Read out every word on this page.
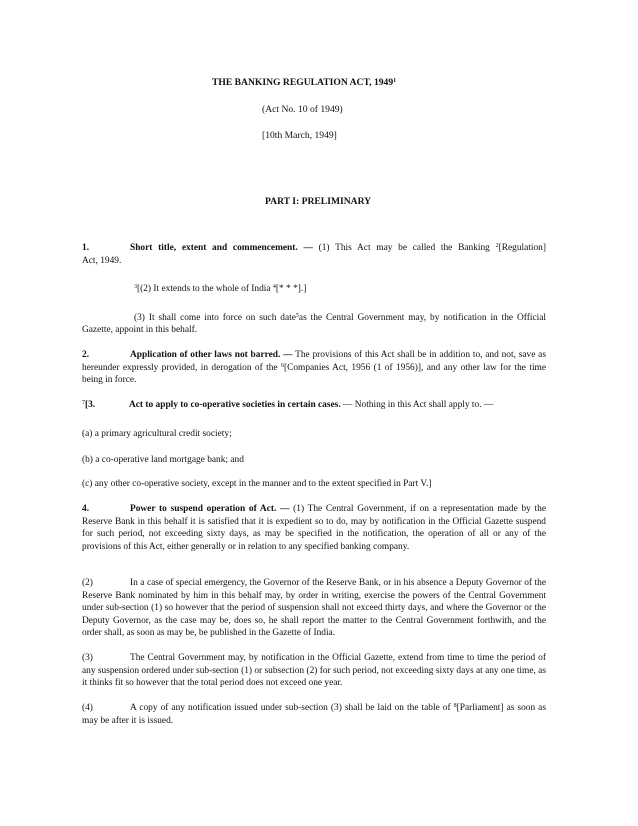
THE BANKING REGULATION ACT, 1949$^1$
(Act No. 10 of 1949)
[10th March, 1949]
PART I: PRELIMINARY
1.	Short title, extent and commencement. — (1) This Act may be called the Banking $^2$[Regulation]
Act, 1949.
$^3$[(2) It extends to the whole of India $^4$[* * *].]
(3) It shall come into force on such date$^5$as the Central Government may, by notification in the Official
Gazette, appoint in this behalf.
2.	Application of other laws not barred. — The provisions of this Act shall be in addition to, and not, save as hereunder expressly provided, in derogation of the $^6$[Companies Act, 1956 (1 of 1956)], and any other law for the time being in force.
$^7$[3.	Act to apply to co-operative societies in certain cases. — Nothing in this Act shall apply to. —
(a) a primary agricultural credit society;
(b) a co-operative land mortgage bank; and
(c) any other co-operative society, except in the manner and to the extent specified in Part V.]
4.	Power to suspend operation of Act. — (1) The Central Government, if on a representation made by the Reserve Bank in this behalf it is satisfied that it is expedient so to do, may by notification in the Official Gazette suspend for such period, not exceeding sixty days, as may be specified in the notification, the operation of all or any of the provisions of this Act, either generally or in relation to any specified banking company.
(2)	In a case of special emergency, the Governor of the Reserve Bank, or in his absence a Deputy Governor of the Reserve Bank nominated by him in this behalf may, by order in writing, exercise the powers of the Central Government under sub-section (1) so however that the period of suspension shall not exceed thirty days, and where the Governor or the Deputy Governor, as the case may be, does so, he shall report the matter to the Central Government forthwith, and the order shall, as soon as may be, be published in the Gazette of India.
(3)	The Central Government may, by notification in the Official Gazette, extend from time to time the period of any suspension ordered under sub-section (1) or subsection (2) for such period, not exceeding sixty days at any one time, as it thinks fit so however that the total period does not exceed one year.
(4)	A copy of any notification issued under sub-section (3) shall be laid on the table of $^8$[Parliament] as soon as may be after it is issued.
